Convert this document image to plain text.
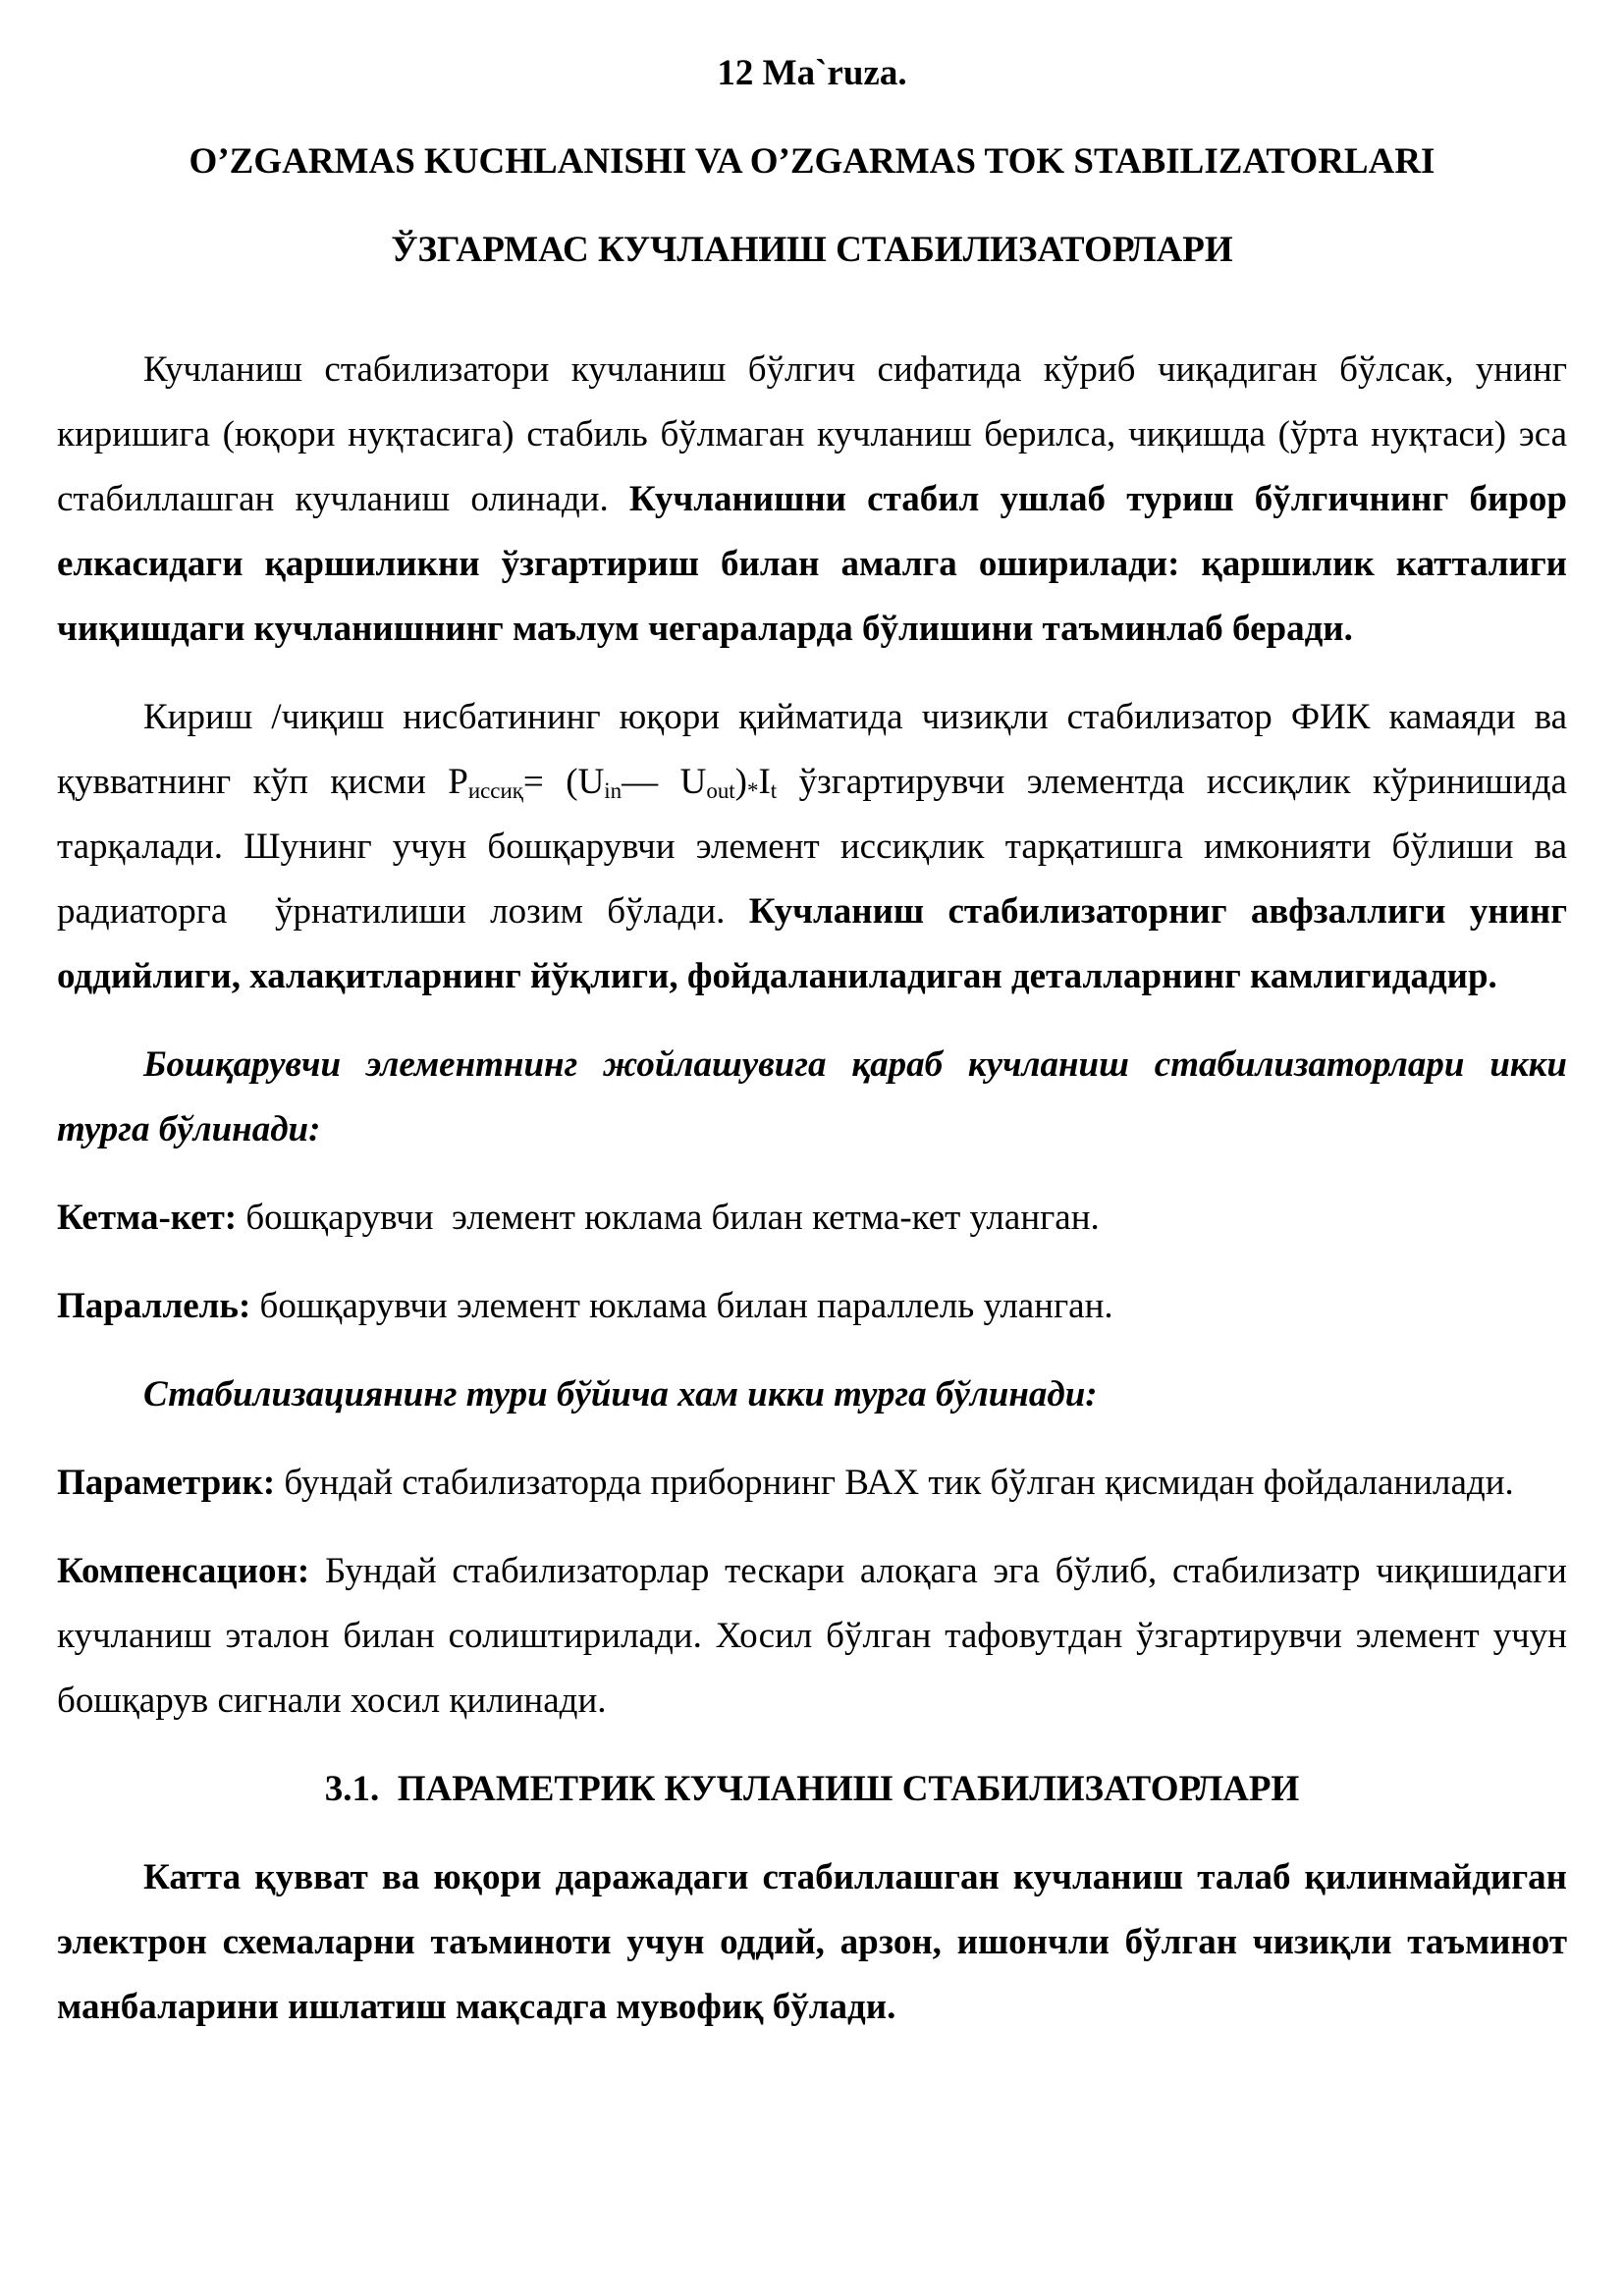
12 Ma`ruza.

O’ZGARMAS KUCHLANISHI VA O’ZGARMAS TOK STABILIZATORLARI

ЎЗГАРМАС КУЧЛАНИШ СТАБИЛИЗАТОРЛАРИ

Кучланиш стабилизатори кучланиш бўлгич сифатида кўриб чиқадиган бўлсак, унинг киришига (юқори нуқтасига) стабиль бўлмаган кучланиш берилса, чиқишда (ўрта нуқтаси) эса стабиллашган кучланиш олинади. Кучланишни стабил ушлаб туриш бўлгичнинг бирор елкасидаги қаршиликни ўзгартириш билан амалга оширилади: қаршилик катталиги чиқишдаги кучланишнинг маълум чегараларда бўлишини таъминлаб беради.

Кириш /чиқиш нисбатининг юқори қийматида чизиқли стабилизатор ФИК камаяди ва қувватнинг кўп қисми $P_{иссиқ}=$ ($U_{in}—$ $U_{out})_*I_t$ ўзгартирувчи элементда иссиқлик кўринишида тарқалади. Шунинг учун бошқарувчи элемент иссиқлик тарқатишга имконияти бўлиши ва радиаторга  ўрнатилиши лозим бўлади. Кучланиш стабилизаторниг авфзаллиги унинг оддийлиги, халақитларнинг йўқлиги, фойдаланиладиган деталларнинг камлигидадир.

Бошқарувчи элементнинг жойлашувига қараб кучланиш стабилизаторлари икки турга бўлинади:

Кетма-кет: бошқарувчи  элемент юклама билан кетма-кет уланган.

Параллель: бошқарувчи элемент юклама билан параллель уланган.

Стабилизациянинг тури бўйича хам икки турга бўлинади:

Параметрик: бундай стабилизаторда приборнинг ВАХ тик бўлган қисмидан фойдаланилади.

Компенсацион: Бундай стабилизаторлар тескари алоқага эга бўлиб, стабилизатр чиқишидаги кучланиш эталон билан солиштирилади. Хосил бўлган тафовутдан ўзгартирувчи элемент учун бошқарув сигнали хосил қилинади.

3.1.  ПАРАМЕТРИК КУЧЛАНИШ СТАБИЛИЗАТОРЛАРИ

Катта қувват ва юқори даражадаги стабиллашган кучланиш талаб қилинмайдиган электрон схемаларни таъминоти учун оддий, арзон, ишончли бўлган чизиқли таъминот манбаларини ишлатиш мақсадга мувофиқ бўлади.
